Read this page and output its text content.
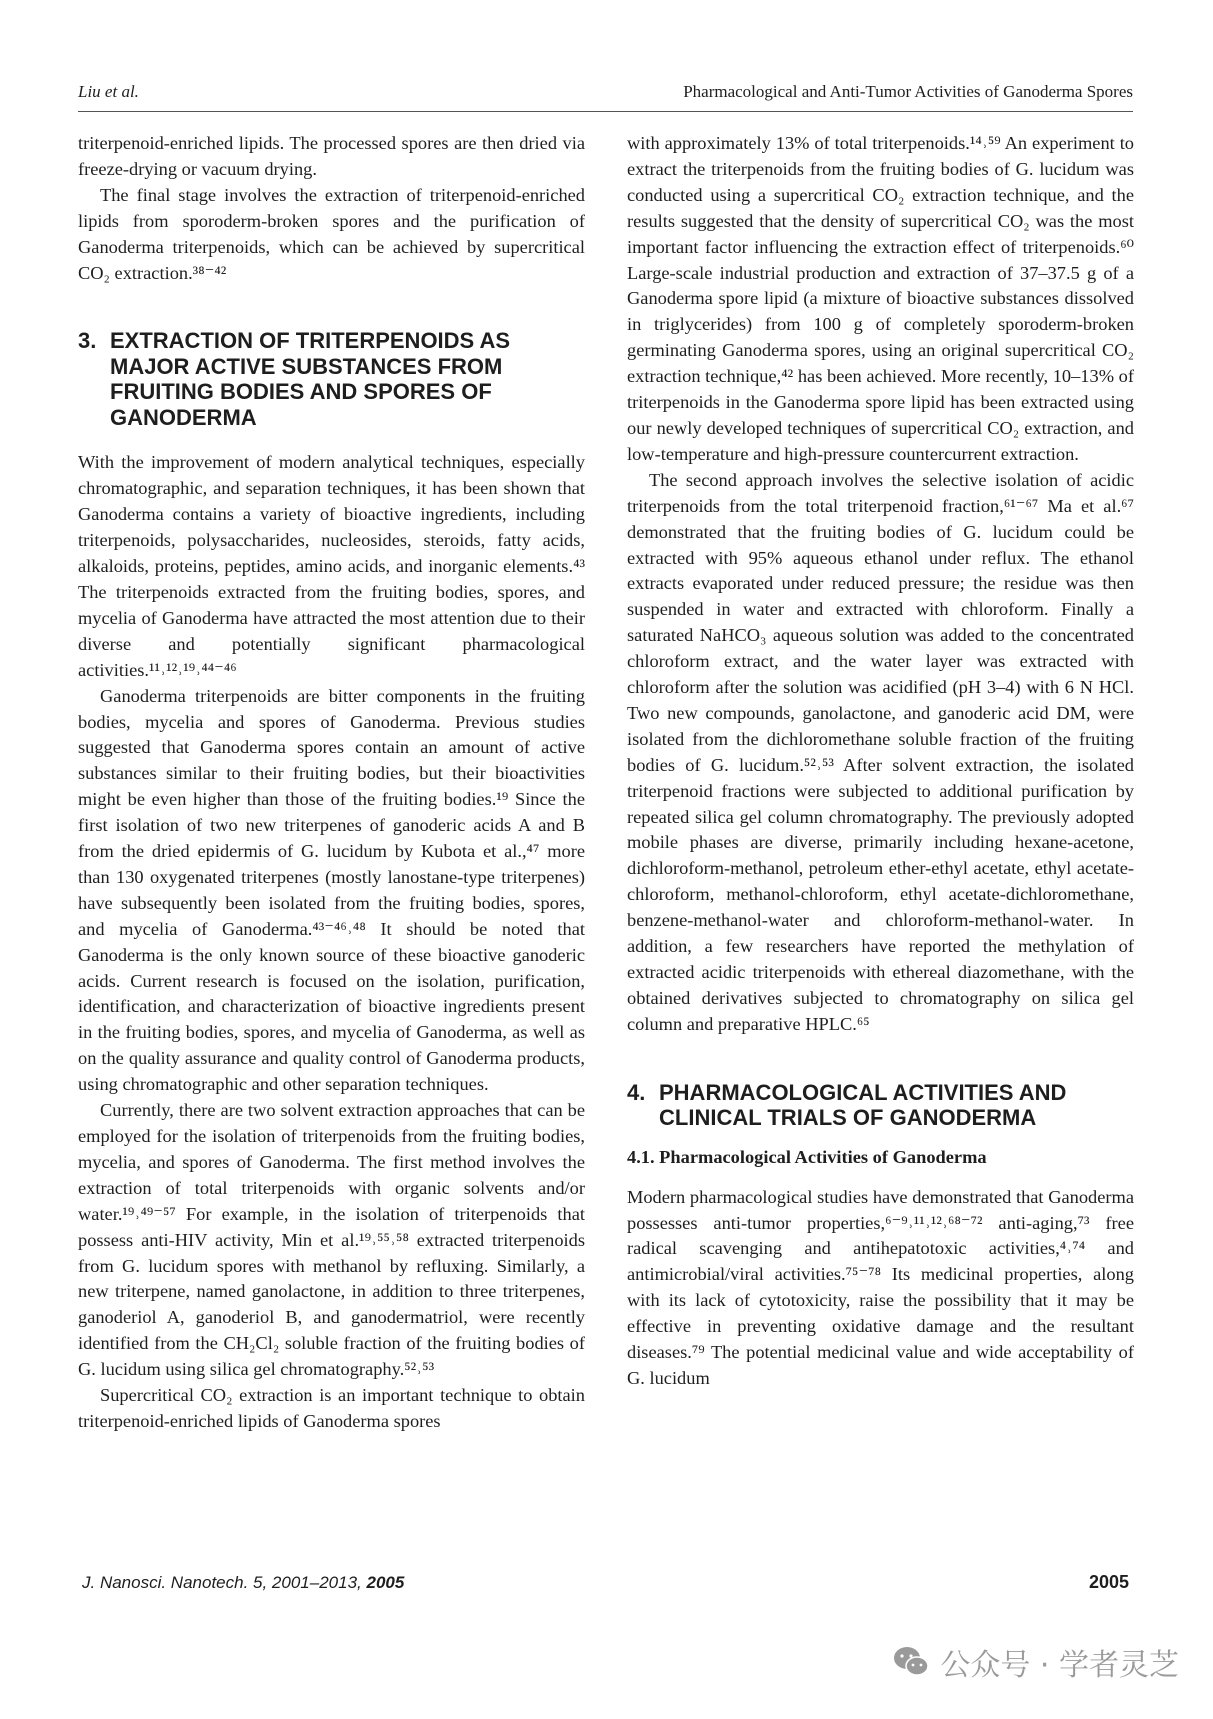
Liu et al.	Pharmacological and Anti-Tumor Activities of Ganoderma Spores

triterpenoid-enriched lipids. The processed spores are then dried via freeze-drying or vacuum drying.

The final stage involves the extraction of triterpenoid-enriched lipids from sporoderm-broken spores and the purification of Ganoderma triterpenoids, which can be achieved by supercritical CO₂ extraction.³⁸⁻⁴²

3. EXTRACTION OF TRITERPENOIDS AS MAJOR ACTIVE SUBSTANCES FROM FRUITING BODIES AND SPORES OF GANODERMA

With the improvement of modern analytical techniques, especially chromatographic, and separation techniques, it has been shown that Ganoderma contains a variety of bioactive ingredients, including triterpenoids, polysaccharides, nucleosides, steroids, fatty acids, alkaloids, proteins, peptides, amino acids, and inorganic elements.⁴³ The triterpenoids extracted from the fruiting bodies, spores, and mycelia of Ganoderma have attracted the most attention due to their diverse and potentially significant pharmacological activities.¹¹˒¹²˒¹⁹˒⁴⁴⁻⁴⁶

Ganoderma triterpenoids are bitter components in the fruiting bodies, mycelia and spores of Ganoderma. Previous studies suggested that Ganoderma spores contain an amount of active substances similar to their fruiting bodies, but their bioactivities might be even higher than those of the fruiting bodies.¹⁹ Since the first isolation of two new triterpenes of ganoderic acids A and B from the dried epidermis of G. lucidum by Kubota et al.,⁴⁷ more than 130 oxygenated triterpenes (mostly lanostane-type triterpenes) have subsequently been isolated from the fruiting bodies, spores, and mycelia of Ganoderma.⁴³⁻⁴⁶˒⁴⁸ It should be noted that Ganoderma is the only known source of these bioactive ganoderic acids. Current research is focused on the isolation, purification, identification, and characterization of bioactive ingredients present in the fruiting bodies, spores, and mycelia of Ganoderma, as well as on the quality assurance and quality control of Ganoderma products, using chromatographic and other separation techniques.

Currently, there are two solvent extraction approaches that can be employed for the isolation of triterpenoids from the fruiting bodies, mycelia, and spores of Ganoderma. The first method involves the extraction of total triterpenoids with organic solvents and/or water.¹⁹˒⁴⁹⁻⁵⁷ For example, in the isolation of triterpenoids that possess anti-HIV activity, Min et al.¹⁹˒⁵⁵˒⁵⁸ extracted triterpenoids from G. lucidum spores with methanol by refluxing. Similarly, a new triterpene, named ganolactone, in addition to three triterpenes, ganoderiol A, ganoderiol B, and ganodermatriol, were recently identified from the CH₂Cl₂ soluble fraction of the fruiting bodies of G. lucidum using silica gel chromatography.⁵²˒⁵³

Supercritical CO₂ extraction is an important technique to obtain triterpenoid-enriched lipids of Ganoderma spores

with approximately 13% of total triterpenoids.¹⁴˒⁵⁹ An experiment to extract the triterpenoids from the fruiting bodies of G. lucidum was conducted using a supercritical CO₂ extraction technique, and the results suggested that the density of supercritical CO₂ was the most important factor influencing the extraction effect of triterpenoids.⁶⁰ Large-scale industrial production and extraction of 37–37.5 g of a Ganoderma spore lipid (a mixture of bioactive substances dissolved in triglycerides) from 100 g of completely sporoderm-broken germinating Ganoderma spores, using an original supercritical CO₂ extraction technique,⁴² has been achieved. More recently, 10–13% of triterpenoids in the Ganoderma spore lipid has been extracted using our newly developed techniques of supercritical CO₂ extraction, and low-temperature and high-pressure countercurrent extraction.

The second approach involves the selective isolation of acidic triterpenoids from the total triterpenoid fraction,⁶¹⁻⁶⁷ Ma et al.⁶⁷ demonstrated that the fruiting bodies of G. lucidum could be extracted with 95% aqueous ethanol under reflux. The ethanol extracts evaporated under reduced pressure; the residue was then suspended in water and extracted with chloroform. Finally a saturated NaHCO₃ aqueous solution was added to the concentrated chloroform extract, and the water layer was extracted with chloroform after the solution was acidified (pH 3–4) with 6 N HCl. Two new compounds, ganolactone, and ganoderic acid DM, were isolated from the dichloromethane soluble fraction of the fruiting bodies of G. lucidum.⁵²˒⁵³ After solvent extraction, the isolated triterpenoid fractions were subjected to additional purification by repeated silica gel column chromatography. The previously adopted mobile phases are diverse, primarily including hexane-acetone, dichloroform-methanol, petroleum ether-ethyl acetate, ethyl acetate-chloroform, methanol-chloroform, ethyl acetate-dichloromethane, benzene-methanol-water and chloroform-methanol-water. In addition, a few researchers have reported the methylation of extracted acidic triterpenoids with ethereal diazomethane, with the obtained derivatives subjected to chromatography on silica gel column and preparative HPLC.⁶⁵

4. PHARMACOLOGICAL ACTIVITIES AND CLINICAL TRIALS OF GANODERMA
4.1. Pharmacological Activities of Ganoderma

Modern pharmacological studies have demonstrated that Ganoderma possesses anti-tumor properties,⁶⁻⁹˒¹¹˒¹²˒⁶⁸⁻⁷² anti-aging,⁷³ free radical scavenging and antihepatotoxic activities,⁴˒⁷⁴ and antimicrobial/viral activities.⁷⁵⁻⁷⁸ Its medicinal properties, along with its lack of cytotoxicity, raise the possibility that it may be effective in preventing oxidative damage and the resultant diseases.⁷⁹ The potential medicinal value and wide acceptability of G. lucidum

J. Nanosci. Nanotech. 5, 2001–2013, 2005	2005
公众号 · 学者灵芝
